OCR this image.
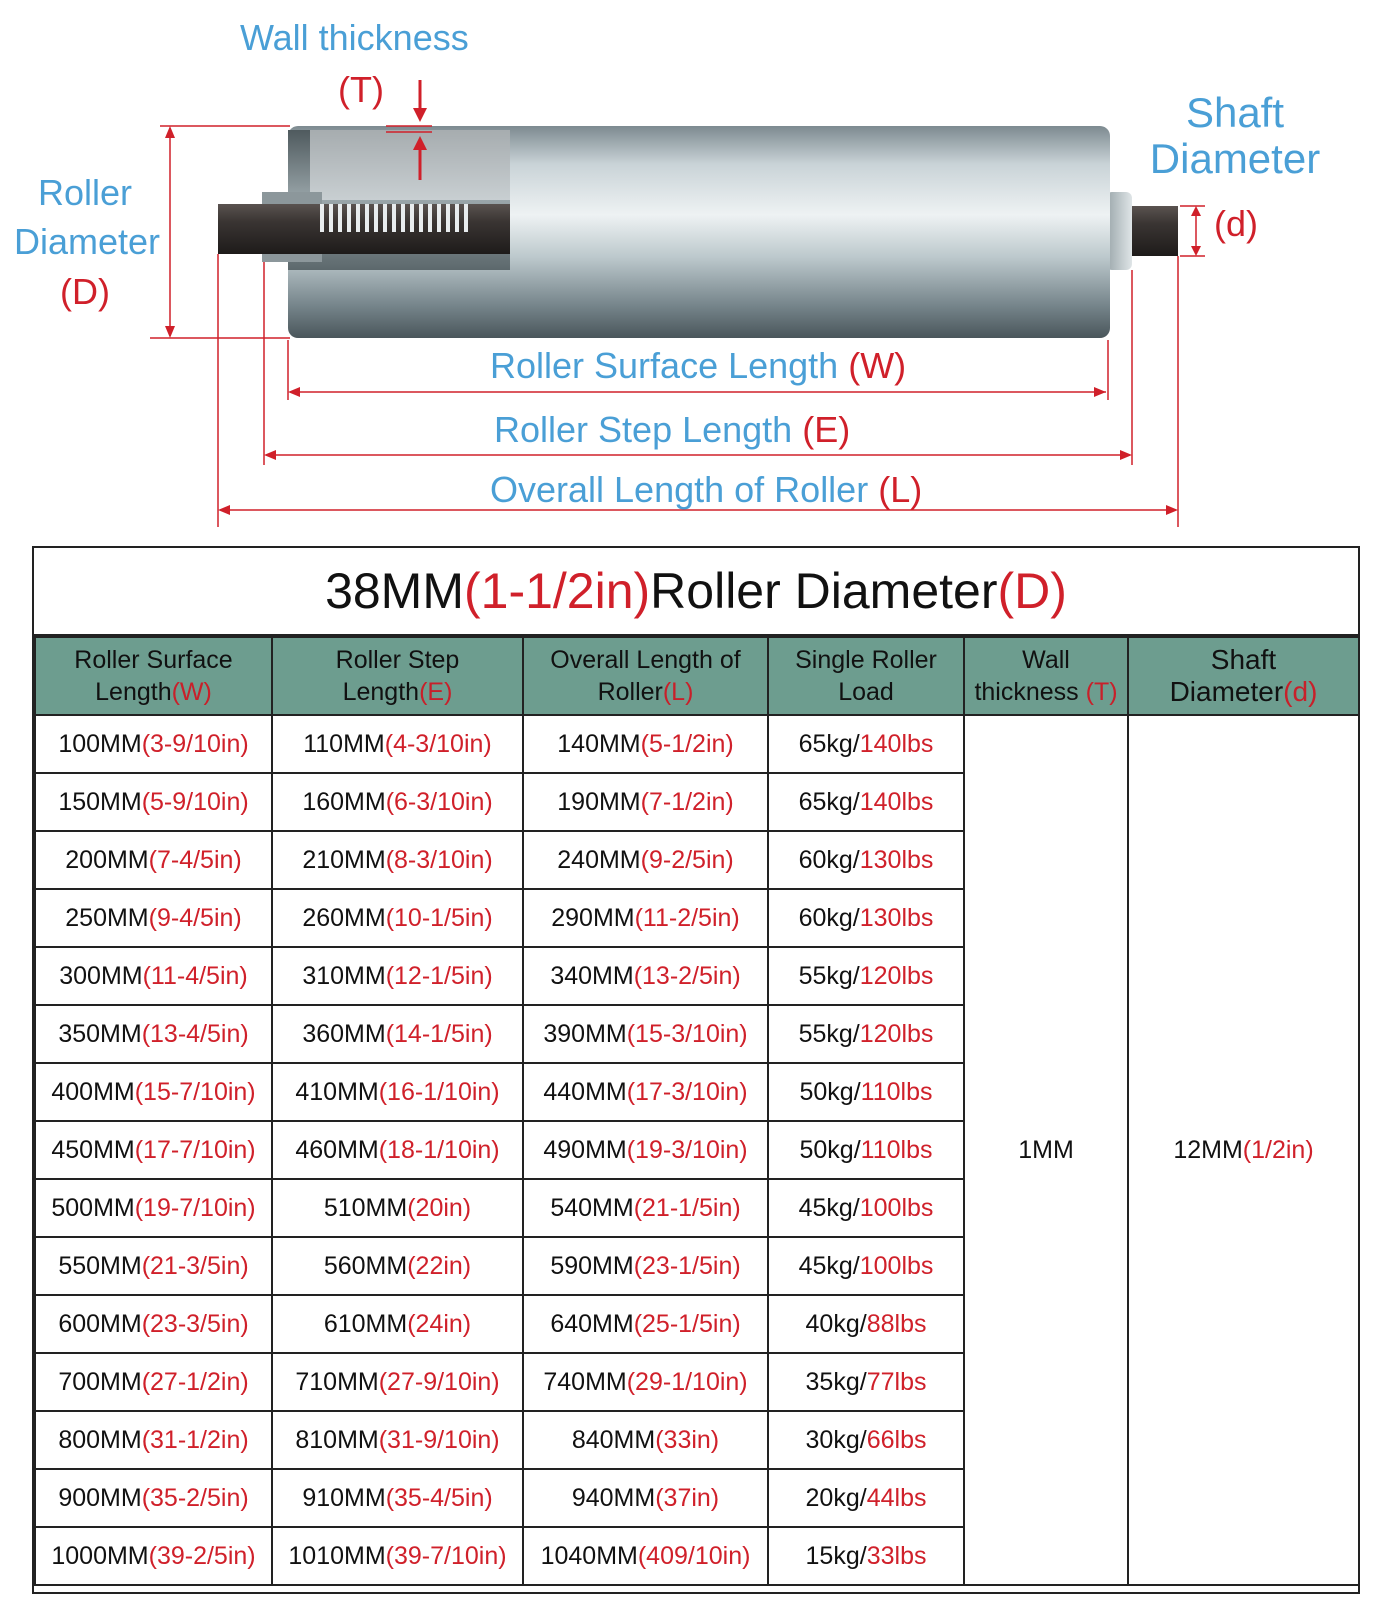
Wall thickness
(T)	Shaft
Diameter
(d)
Roller
Diameter
(D)
Roller Surface Length (W)
Roller Step Length (E)
Overall Length of Roller (L)
38MM (1-1/2in) Roller Diameter (D)
Roller Surface
Length(W)	Roller Step
Length(E)	Overall Length of
Roller(L)	Single Roller
Load	Wall
thickness (T)	Shaft
Diameter(d)
100MM(3-9/10in)	110MM(4-3/10in)	140MM(5-1/2in)	65kg/140lbs	1MM	12MM(1/2in)
150MM(5-9/10in)	160MM(6-3/10in)	190MM(7-1/2in)	65kg/140lbs		
200MM(7-4/5in)	210MM(8-3/10in)	240MM(9-2/5in)	60kg/130lbs		
250MM(9-4/5in)	260MM(10-1/5in)	290MM(11-2/5in)	60kg/130lbs		
300MM(11-4/5in)	310MM(12-1/5in)	340MM(13-2/5in)	55kg/120lbs		
350MM(13-4/5in)	360MM(14-1/5in)	390MM(15-3/10in)	55kg/120lbs		
400MM(15-7/10in)	410MM(16-1/10in)	440MM(17-3/10in)	50kg/110lbs		
450MM(17-7/10in)	460MM(18-1/10in)	490MM(19-3/10in)	50kg/110lbs		
500MM(19-7/10in)	510MM(20in)	540MM(21-1/5in)	45kg/100lbs		
550MM(21-3/5in)	560MM(22in)	590MM(23-1/5in)	45kg/100lbs		
600MM(23-3/5in)	610MM(24in)	640MM(25-1/5in)	40kg/88lbs		
700MM(27-1/2in)	710MM(27-9/10in)	740MM(29-1/10in)	35kg/77lbs		
800MM(31-1/2in)	810MM(31-9/10in)	840MM(33in)	30kg/66lbs		
900MM(35-2/5in)	910MM(35-4/5in)	940MM(37in)	20kg/44lbs		
1000MM(39-2/5in)	1010MM(39-7/10in)	1040MM(409/10in)	15kg/33lbs		
